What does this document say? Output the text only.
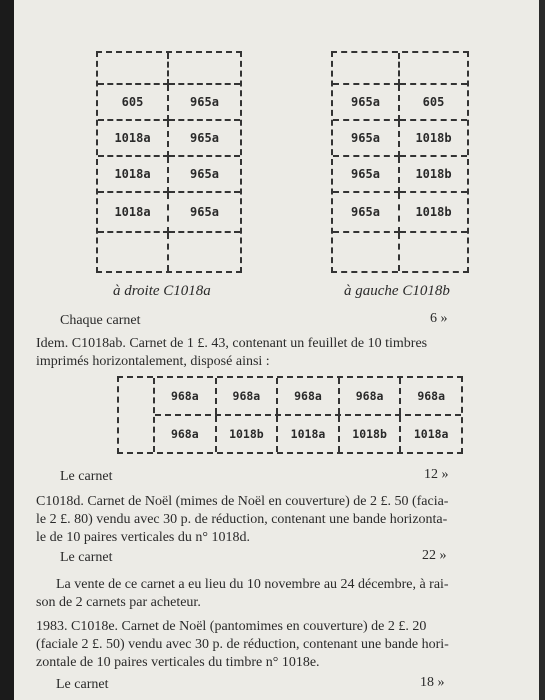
605	965a
1018a	965a
1018a	965a
1018a	965a
à droite C1018a
965a	605
965a	1018b
965a	1018b
965a	1018b
à gauche C1018b
Chaque carnet	6 »
Idem. C1018ab. Carnet de 1 £. 43, contenant un feuillet de 10 timbres
imprimés horizontalement, disposé ainsi :
968a	968a	968a	968a	968a
968a	1018b	1018a	1018b	1018a
Le carnet	12 »
C1018d. Carnet de Noël (mimes de Noël en couverture) de 2 £. 50 (facia-
le 2 £. 80) vendu avec 30 p. de réduction, contenant une bande horizonta-
le de 10 paires verticales du n° 1018d.
Le carnet	22 »
La vente de ce carnet a eu lieu du 10 novembre au 24 décembre, à rai-
son de 2 carnets par acheteur.
1983. C1018e. Carnet de Noël (pantomimes en couverture) de 2 £. 20
(faciale 2 £. 50) vendu avec 30 p. de réduction, contenant une bande hori-
zontale de 10 paires verticales du timbre n° 1018e.
Le carnet	18 »
